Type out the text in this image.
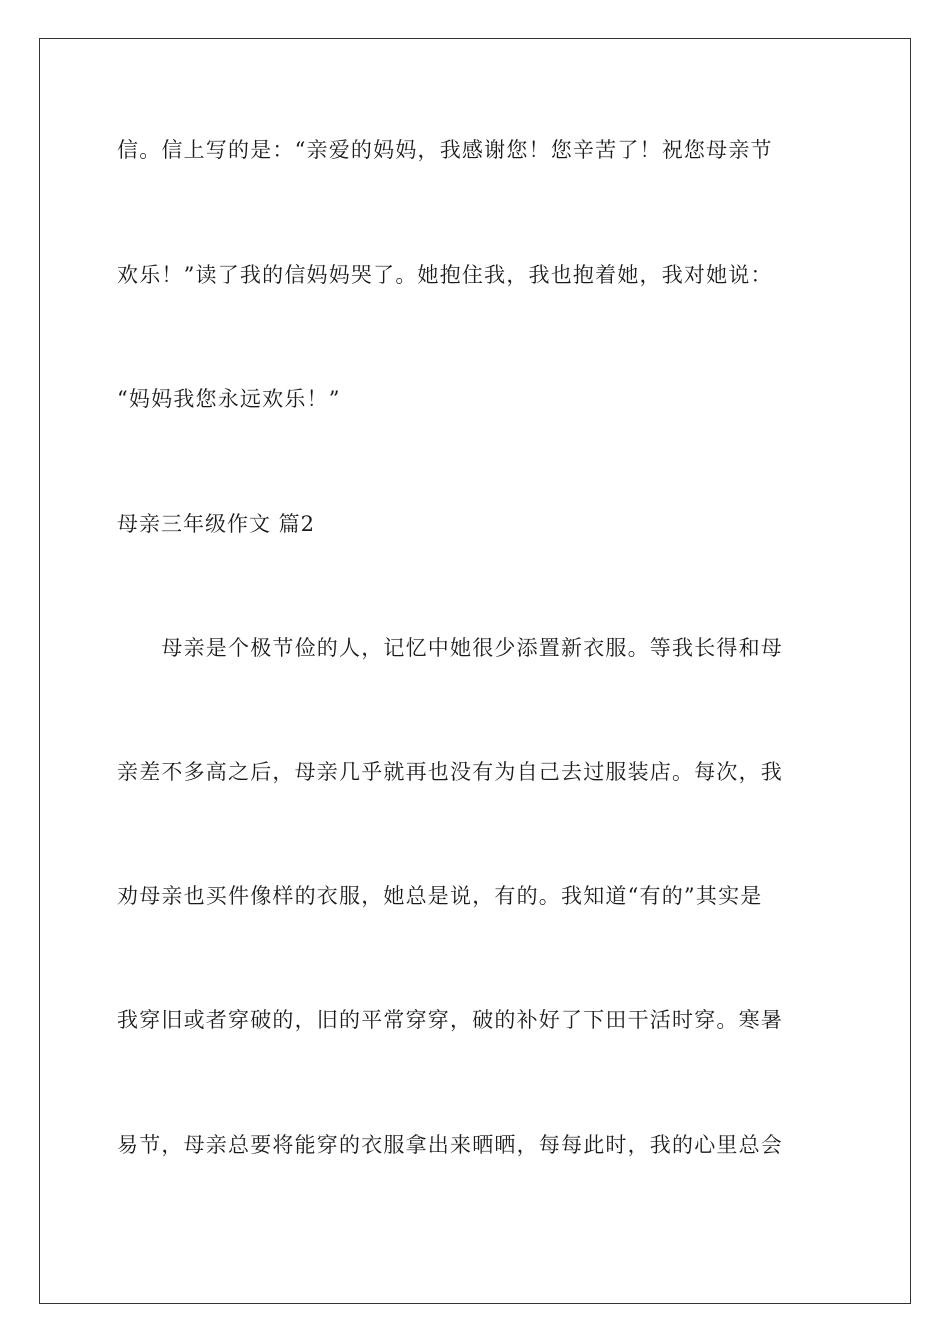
信。信上写的是：“亲爱的妈妈，我感谢您！您辛苦了！祝您母亲节
欢乐！”读了我的信妈妈哭了。她抱住我，我也抱着她，我对她说：
“妈妈我您永远欢乐！”
母亲三年级作文 篇2
　　母亲是个极节俭的人，记忆中她很少添置新衣服。等我长得和母
亲差不多高之后，母亲几乎就再也没有为自己去过服装店。每次，我
劝母亲也买件像样的衣服，她总是说，有的。我知道“有的”其实是
我穿旧或者穿破的，旧的平常穿穿，破的补好了下田干活时穿。寒暑
易节，母亲总要将能穿的衣服拿出来晒晒，每每此时，我的心里总会
